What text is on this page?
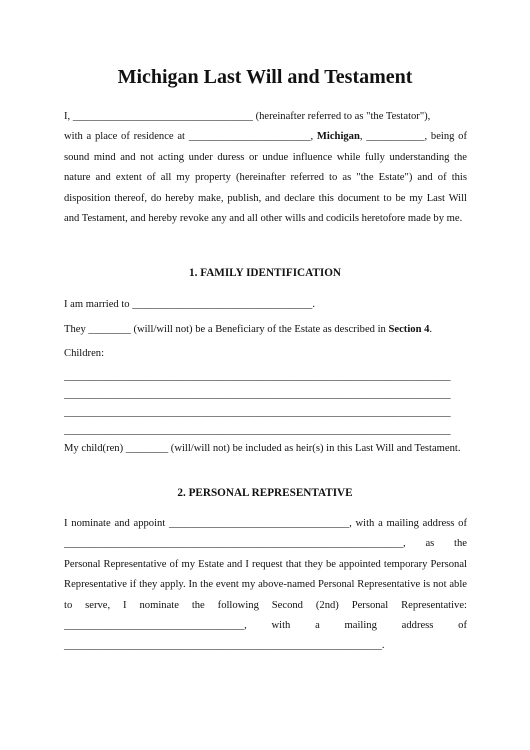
Michigan Last Will and Testament
I, __________________________________ (hereinafter referred to as "the Testator"),
with a place of residence at _______________________, Michigan, ___________, being of sound mind and not acting under duress or undue influence while fully understanding the nature and extent of all my property (hereinafter referred to as "the Estate") and of this disposition thereof, do hereby make, publish, and declare this document to be my Last Will and Testament, and hereby revoke any and all other wills and codicils heretofore made by me.
1. FAMILY IDENTIFICATION
I am married to __________________________________.
They ________ (will/will not) be a Beneficiary of the Estate as described in Section 4.
Children:
_________________________________________________________________________
_________________________________________________________________________
_________________________________________________________________________
_________________________________________________________________________
My child(ren) ________ (will/will not) be included as heir(s) in this Last Will and Testament.
2. PERSONAL REPRESENTATIVE
I nominate and appoint __________________________________, with a mailing address of ________________________________________________________________, as the Personal Representative of my Estate and I request that they be appointed temporary Personal Representative if they apply. In the event my above-named Personal Representative is not able to serve, I nominate the following Second (2nd) Personal Representative: __________________________________, with a mailing address of ____________________________________________________________.
